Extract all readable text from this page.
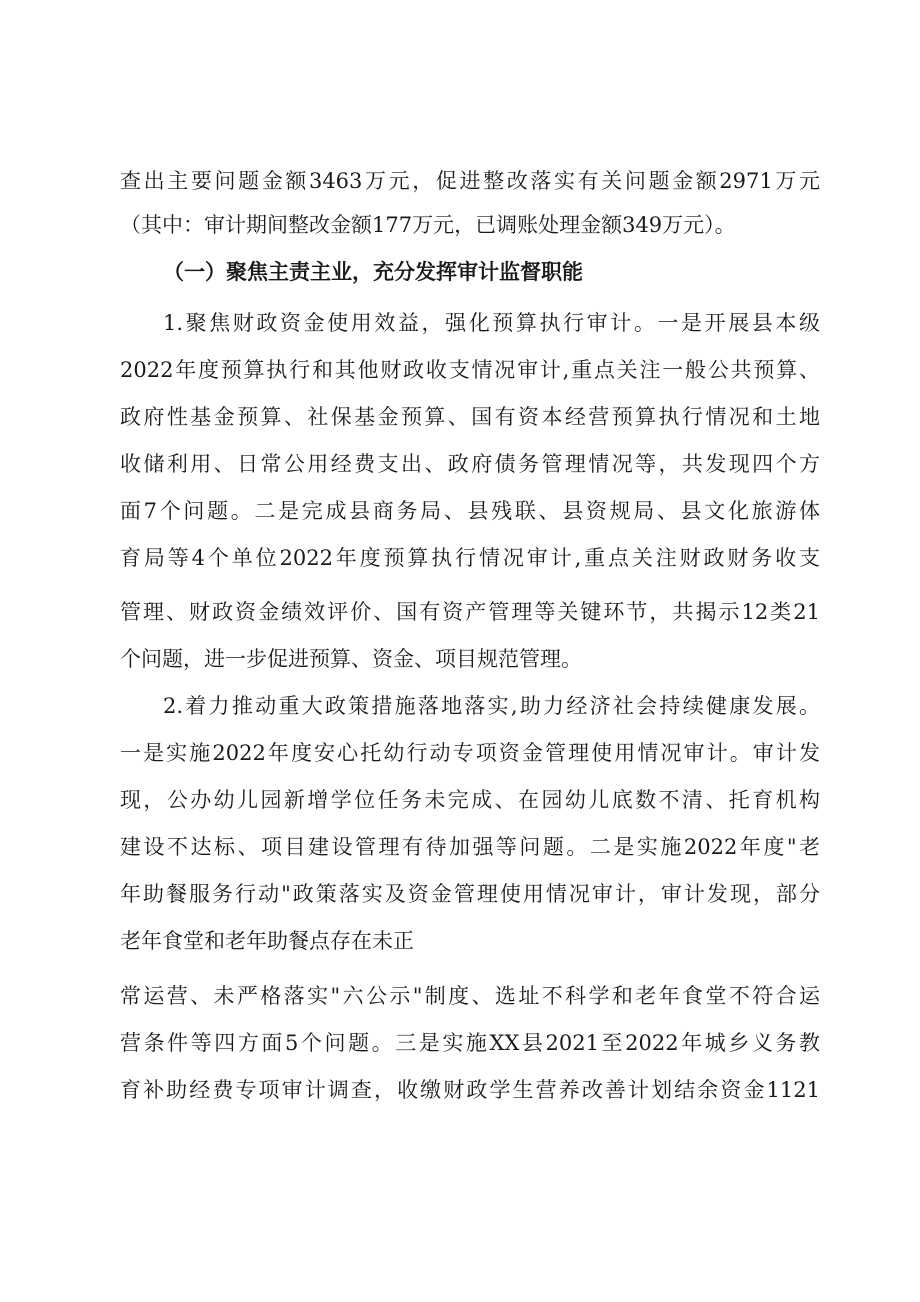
查出主要问题金额3463万元，促进整改落实有关问题金额2971万元
（其中：审计期间整改金额177万元，已调账处理金额349万元）。
（一）聚焦主责主业，充分发挥审计监督职能
1.聚焦财政资金使用效益，强化预算执行审计。一是开展县本级
2022年度预算执行和其他财政收支情况审计,重点关注一般公共预算、
政府性基金预算、社保基金预算、国有资本经营预算执行情况和土地
收储利用、日常公用经费支出、政府债务管理情况等，共发现四个方
面7个问题。二是完成县商务局、县残联、县资规局、县文化旅游体
育局等4个单位2022年度预算执行情况审计,重点关注财政财务收支
管理、财政资金绩效评价、国有资产管理等关键环节，共揭示12类21
个问题，进一步促进预算、资金、项目规范管理。
2.着力推动重大政策措施落地落实,助力经济社会持续健康发展。
一是实施2022年度安心托幼行动专项资金管理使用情况审计。审计发
现，公办幼儿园新增学位任务未完成、在园幼儿底数不清、托育机构
建设不达标、项目建设管理有待加强等问题。二是实施2022年度"老
年助餐服务行动"政策落实及资金管理使用情况审计，审计发现，部分
老年食堂和老年助餐点存在未正
常运营、未严格落实"六公示"制度、选址不科学和老年食堂不符合运
营条件等四方面5个问题。三是实施XX县2021至2022年城乡义务教
育补助经费专项审计调查，收缴财政学生营养改善计划结余资金1121
